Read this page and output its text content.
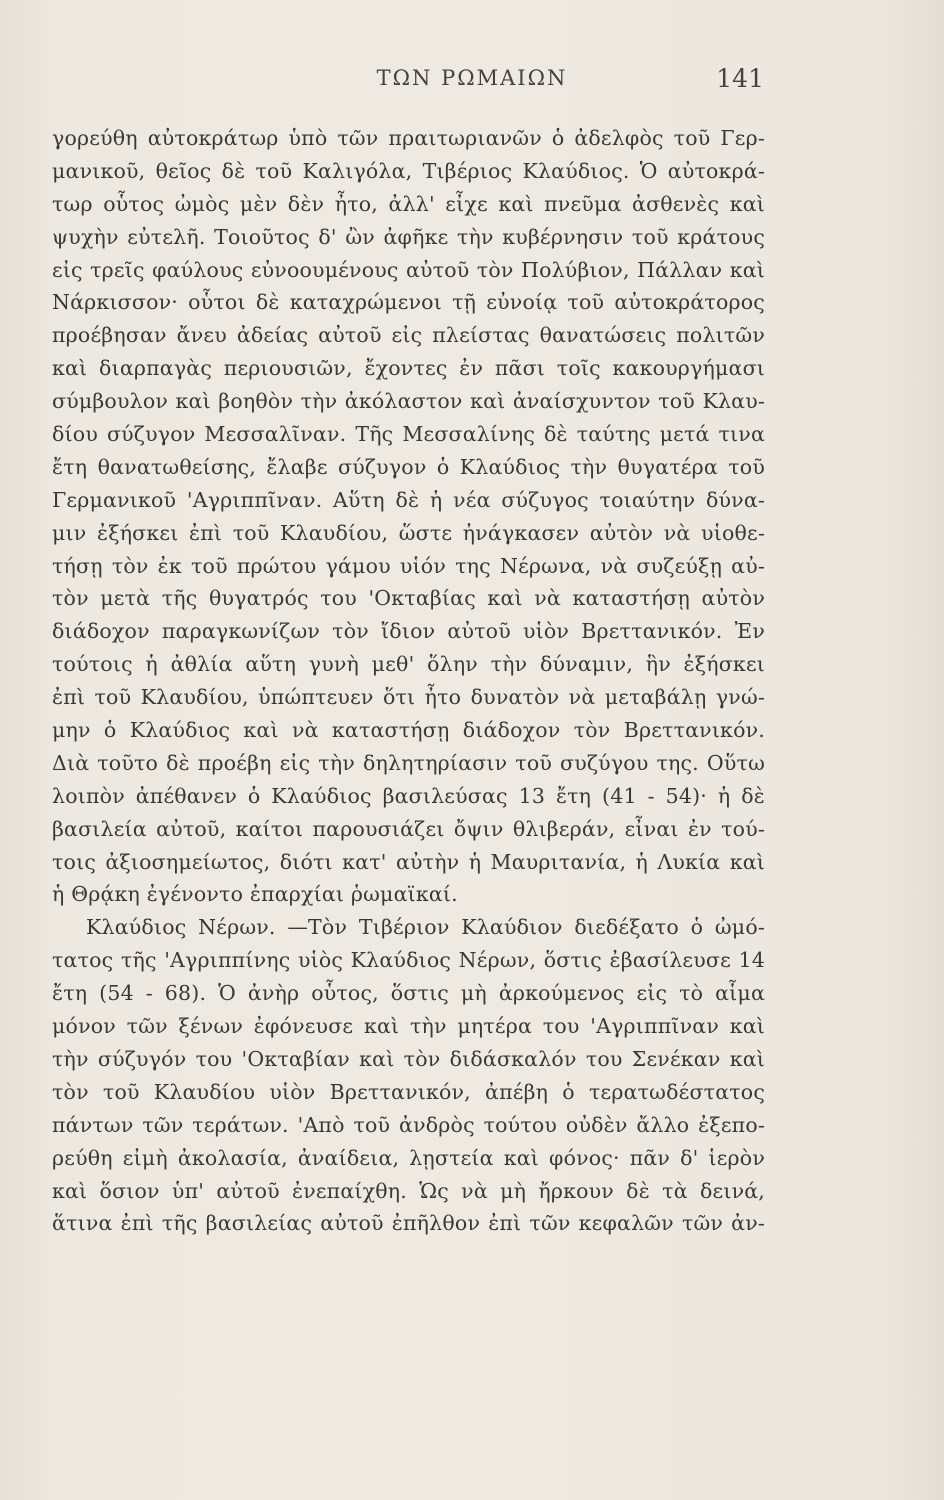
ΤΩΝ ΡΩΜΑΙΩΝ	141
γορεύθη αὐτοκράτωρ ὑπὸ τῶν πραιτωριανῶν ὁ ἀδελφὸς τοῦ Γερ-
μανικοῦ, θεῖος δὲ τοῦ Καλιγόλα, Τιβέριος Κλαύδιος. Ὁ αὐτοκρά-
τωρ οὗτος ὠμὸς μὲν δὲν ἦτο, ἀλλ' εἶχε καὶ πνεῦμα ἀσθενὲς καὶ
ψυχὴν εὐτελῆ. Τοιοῦτος δ' ὢν ἀφῆκε τὴν κυβέρνησιν τοῦ κράτους
εἰς τρεῖς φαύλους εὐνοουμένους αὐτοῦ τὸν Πολύβιον, Πάλλαν καὶ
Νάρκισσον· οὗτοι δὲ καταχρώμενοι τῇ εὐνοίᾳ τοῦ αὐτοκράτορος
προέβησαν ἄνευ ἀδείας αὐτοῦ εἰς πλείστας θανατώσεις πολιτῶν
καὶ διαρπαγὰς περιουσιῶν, ἔχοντες ἐν πᾶσι τοῖς κακουργήμασι
σύμβουλον καὶ βοηθὸν τὴν ἀκόλαστον καὶ ἀναίσχυντον τοῦ Κλαυ-
δίου σύζυγον Μεσσαλῖναν. Τῆς Μεσσαλίνης δὲ ταύτης μετά τινα
ἔτη θανατωθείσης, ἔλαβε σύζυγον ὁ Κλαύδιος τὴν θυγατέρα τοῦ
Γερμανικοῦ 'Αγριππῖναν. Αὕτη δὲ ἡ νέα σύζυγος τοιαύτην δύνα-
μιν ἐξήσκει ἐπὶ τοῦ Κλαυδίου, ὥστε ἠνάγκασεν αὐτὸν νὰ υἱοθε-
τήσῃ τὸν ἐκ τοῦ πρώτου γάμου υἱόν της Νέρωνα, νὰ συζεύξῃ αὐ-
τὸν μετὰ τῆς θυγατρός του 'Οκταβίας καὶ νὰ καταστήσῃ αὐτὸν
διάδοχον παραγκωνίζων τὸν ἴδιον αὐτοῦ υἱὸν Βρεττανικόν. Ἐν
τούτοις ἡ ἀθλία αὕτη γυνὴ μεθ' ὅλην τὴν δύναμιν, ἣν ἐξήσκει
ἐπὶ τοῦ Κλαυδίου, ὑπώπτευεν ὅτι ἦτο δυνατὸν νὰ μεταβάλῃ γνώ-
μην ὁ Κλαύδιος καὶ νὰ καταστήσῃ διάδοχον τὸν Βρεττανικόν.
Διὰ τοῦτο δὲ προέβη εἰς τὴν δηλητηρίασιν τοῦ συζύγου της. Οὕτω
λοιπὸν ἀπέθανεν ὁ Κλαύδιος βασιλεύσας 13 ἔτη (41 - 54)· ἡ δὲ
βασιλεία αὐτοῦ, καίτοι παρουσιάζει ὄψιν θλιβεράν, εἶναι ἐν τού-
τοις ἀξιοσημείωτος, διότι κατ' αὐτὴν ἡ Μαυριτανία, ἡ Λυκία καὶ
ἡ Θρᾴκη ἐγένοντο ἐπαρχίαι ῥωμαϊκαί.
Κλαύδιος Νέρων. —Τὸν Τιβέριον Κλαύδιον διεδέξατο ὁ ὠμό-
τατος τῆς 'Αγριππίνης υἱὸς Κλαύδιος Νέρων, ὅστις ἐβασίλευσε 14
ἔτη (54 - 68). Ὁ ἀνὴρ οὗτος, ὅστις μὴ ἀρκούμενος εἰς τὸ αἷμα
μόνον τῶν ξένων ἐφόνευσε καὶ τὴν μητέρα του 'Αγριππῖναν καὶ
τὴν σύζυγόν του 'Οκταβίαν καὶ τὸν διδάσκαλόν του Σενέκαν καὶ
τὸν τοῦ Κλαυδίου υἱὸν Βρεττανικόν, ἀπέβη ὁ τερατωδέστατος
πάντων τῶν τεράτων. 'Απὸ τοῦ ἀνδρὸς τούτου οὐδὲν ἄλλο ἐξεπο-
ρεύθη εἰμὴ ἀκολασία, ἀναίδεια, λῃστεία καὶ φόνος· πᾶν δ' ἱερὸν
καὶ ὅσιον ὑπ' αὐτοῦ ἐνεπαίχθη. Ὡς νὰ μὴ ἤρκουν δὲ τὰ δεινά,
ἅτινα ἐπὶ τῆς βασιλείας αὐτοῦ ἐπῆλθον ἐπὶ τῶν κεφαλῶν τῶν ἀν-
